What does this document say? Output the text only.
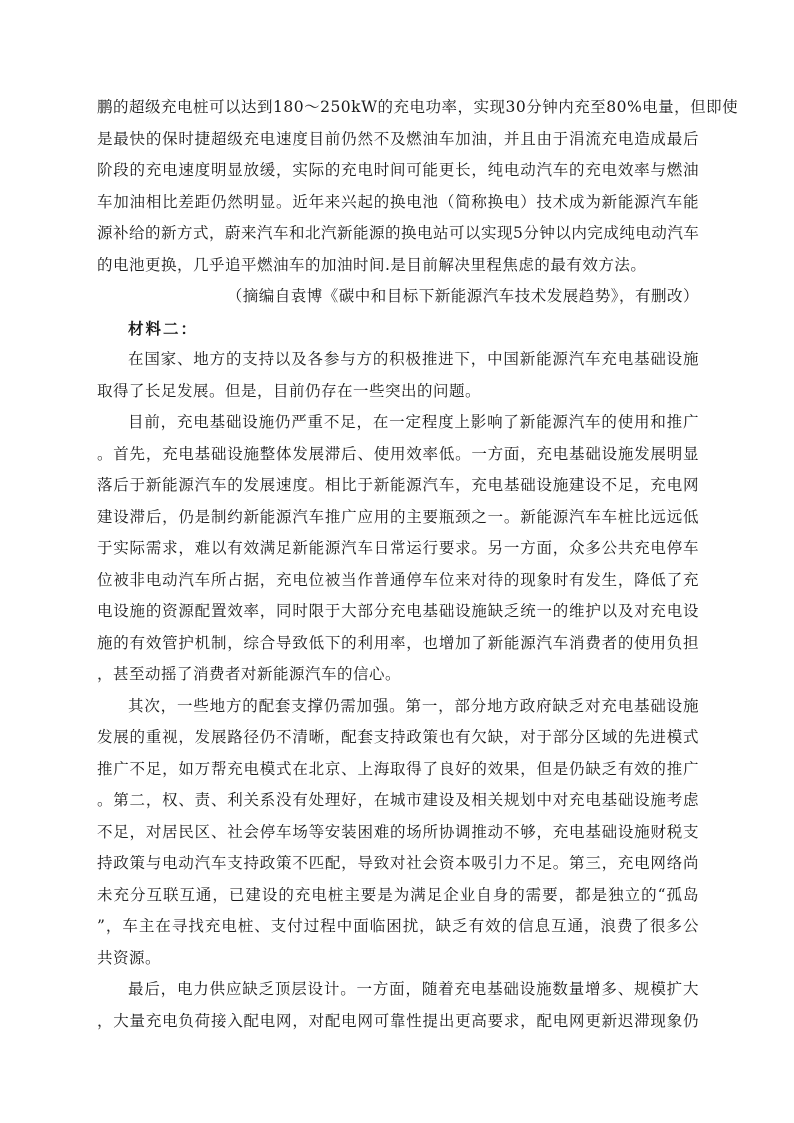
鹏的超级充电桩可以达到180～250kW的充电功率，实现30分钟内充至80%电量，但即使
是最快的保时捷超级充电速度目前仍然不及燃油车加油，并且由于涓流充电造成最后
阶段的充电速度明显放缓，实际的充电时间可能更长，纯电动汽车的充电效率与燃油
车加油相比差距仍然明显。近年来兴起的换电池（简称换电）技术成为新能源汽车能
源补给的新方式，蔚来汽车和北汽新能源的换电站可以实现5分钟以内完成纯电动汽车
的电池更换，几乎追平燃油车的加油时间.是目前解决里程焦虑的最有效方法。
（摘编自袁博《碳中和目标下新能源汽车技术发展趋势》，有删改）
材料二：
在国家、地方的支持以及各参与方的积极推进下，中国新能源汽车充电基础设施
取得了长足发展。但是，目前仍存在一些突出的问题。
目前，充电基础设施仍严重不足，在一定程度上影响了新能源汽车的使用和推广
。首先，充电基础设施整体发展滞后、使用效率低。一方面，充电基础设施发展明显
落后于新能源汽车的发展速度。相比于新能源汽车，充电基础设施建设不足，充电网
建设滞后，仍是制约新能源汽车推广应用的主要瓶颈之一。新能源汽车车桩比远远低
于实际需求，难以有效满足新能源汽车日常运行要求。另一方面，众多公共充电停车
位被非电动汽车所占据，充电位被当作普通停车位来对待的现象时有发生，降低了充
电设施的资源配置效率，同时限于大部分充电基础设施缺乏统一的维护以及对充电设
施的有效管护机制，综合导致低下的利用率，也增加了新能源汽车消费者的使用负担
，甚至动摇了消费者对新能源汽车的信心。
其次，一些地方的配套支撑仍需加强。第一，部分地方政府缺乏对充电基础设施
发展的重视，发展路径仍不清晰，配套支持政策也有欠缺，对于部分区域的先进模式
推广不足，如万帮充电模式在北京、上海取得了良好的效果，但是仍缺乏有效的推广
。第二，权、责、利关系没有处理好，在城市建设及相关规划中对充电基础设施考虑
不足，对居民区、社会停车场等安装困难的场所协调推动不够，充电基础设施财税支
持政策与电动汽车支持政策不匹配，导致对社会资本吸引力不足。第三，充电网络尚
未充分互联互通，已建设的充电桩主要是为满足企业自身的需要，都是独立的“孤岛
”，车主在寻找充电桩、支付过程中面临困扰，缺乏有效的信息互通，浪费了很多公
共资源。
最后，电力供应缺乏顶层设计。一方面，随着充电基础设施数量增多、规模扩大
，大量充电负荷接入配电网，对配电网可靠性提出更高要求，配电网更新迟滞现象仍
